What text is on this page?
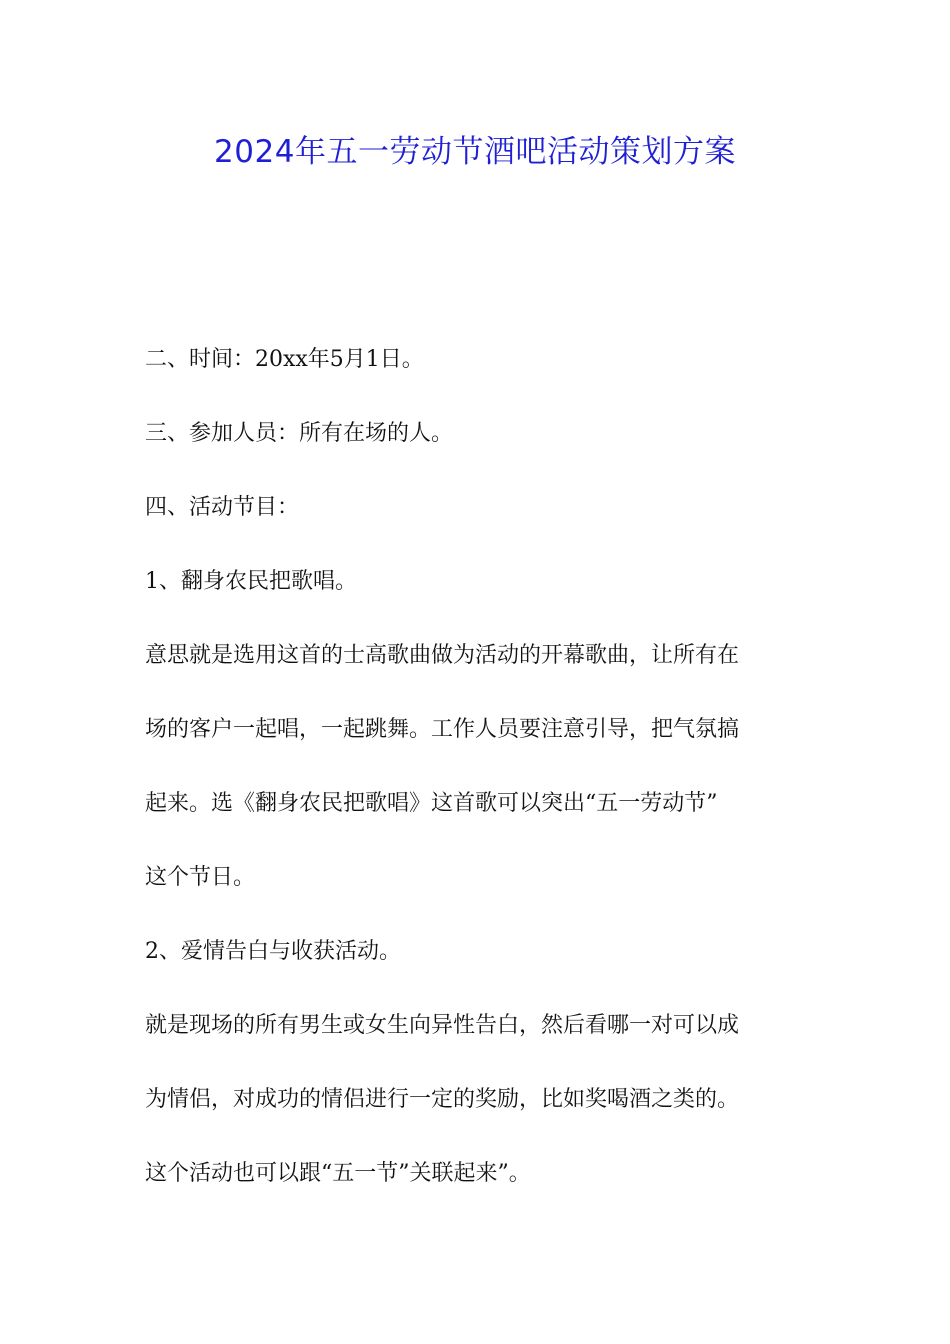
2024年五一劳动节酒吧活动策划方案
二、时间：20xx年5月1日。
三、参加人员：所有在场的人。
四、活动节目：
1、翻身农民把歌唱。
意思就是选用这首的士高歌曲做为活动的开幕歌曲，让所有在
场的客户一起唱，一起跳舞。工作人员要注意引导，把气氛搞
起来。选《翻身农民把歌唱》这首歌可以突出“五一劳动节”
这个节日。
2、爱情告白与收获活动。
就是现场的所有男生或女生向异性告白，然后看哪一对可以成
为情侣，对成功的情侣进行一定的奖励，比如奖喝酒之类的。
这个活动也可以跟“五一节”关联起来”。
